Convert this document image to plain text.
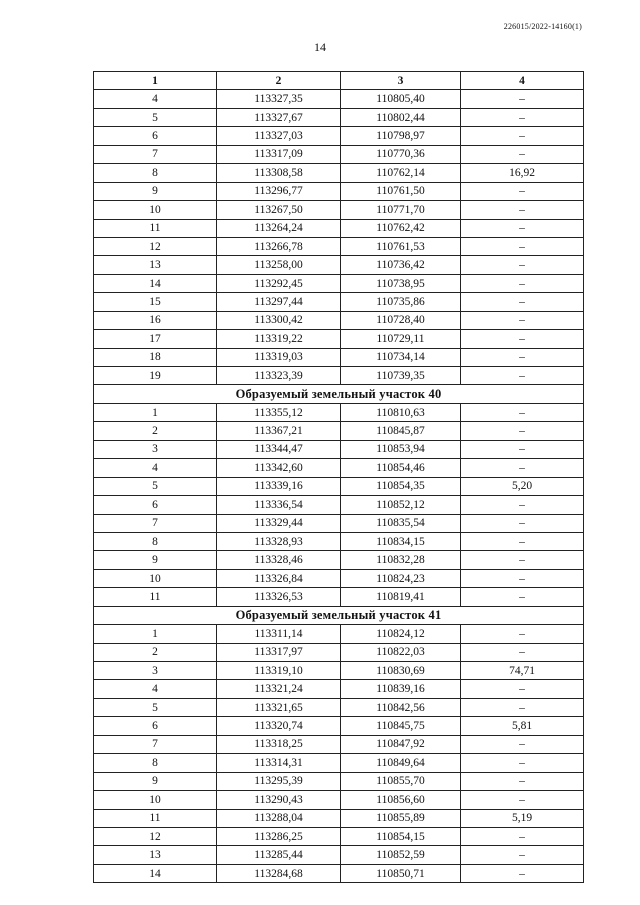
226015/2022-14160(1)
14
1	2	3	4
4	113327,35	110805,40	–
5	113327,67	110802,44	–
6	113327,03	110798,97	–
7	113317,09	110770,36	–
8	113308,58	110762,14	16,92
9	113296,77	110761,50	–
10	113267,50	110771,70	–
11	113264,24	110762,42	–
12	113266,78	110761,53	–
13	113258,00	110736,42	–
14	113292,45	110738,95	–
15	113297,44	110735,86	–
16	113300,42	110728,40	–
17	113319,22	110729,11	–
18	113319,03	110734,14	–
19	113323,39	110739,35	–
Образуемый земельный участок 40			
1	113355,12	110810,63	–
2	113367,21	110845,87	–
3	113344,47	110853,94	–
4	113342,60	110854,46	–
5	113339,16	110854,35	5,20
6	113336,54	110852,12	–
7	113329,44	110835,54	–
8	113328,93	110834,15	–
9	113328,46	110832,28	–
10	113326,84	110824,23	–
11	113326,53	110819,41	–
Образуемый земельный участок 41			
1	113311,14	110824,12	–
2	113317,97	110822,03	–
3	113319,10	110830,69	74,71
4	113321,24	110839,16	–
5	113321,65	110842,56	–
6	113320,74	110845,75	5,81
7	113318,25	110847,92	–
8	113314,31	110849,64	–
9	113295,39	110855,70	–
10	113290,43	110856,60	–
11	113288,04	110855,89	5,19
12	113286,25	110854,15	–
13	113285,44	110852,59	–
14	113284,68	110850,71	–
